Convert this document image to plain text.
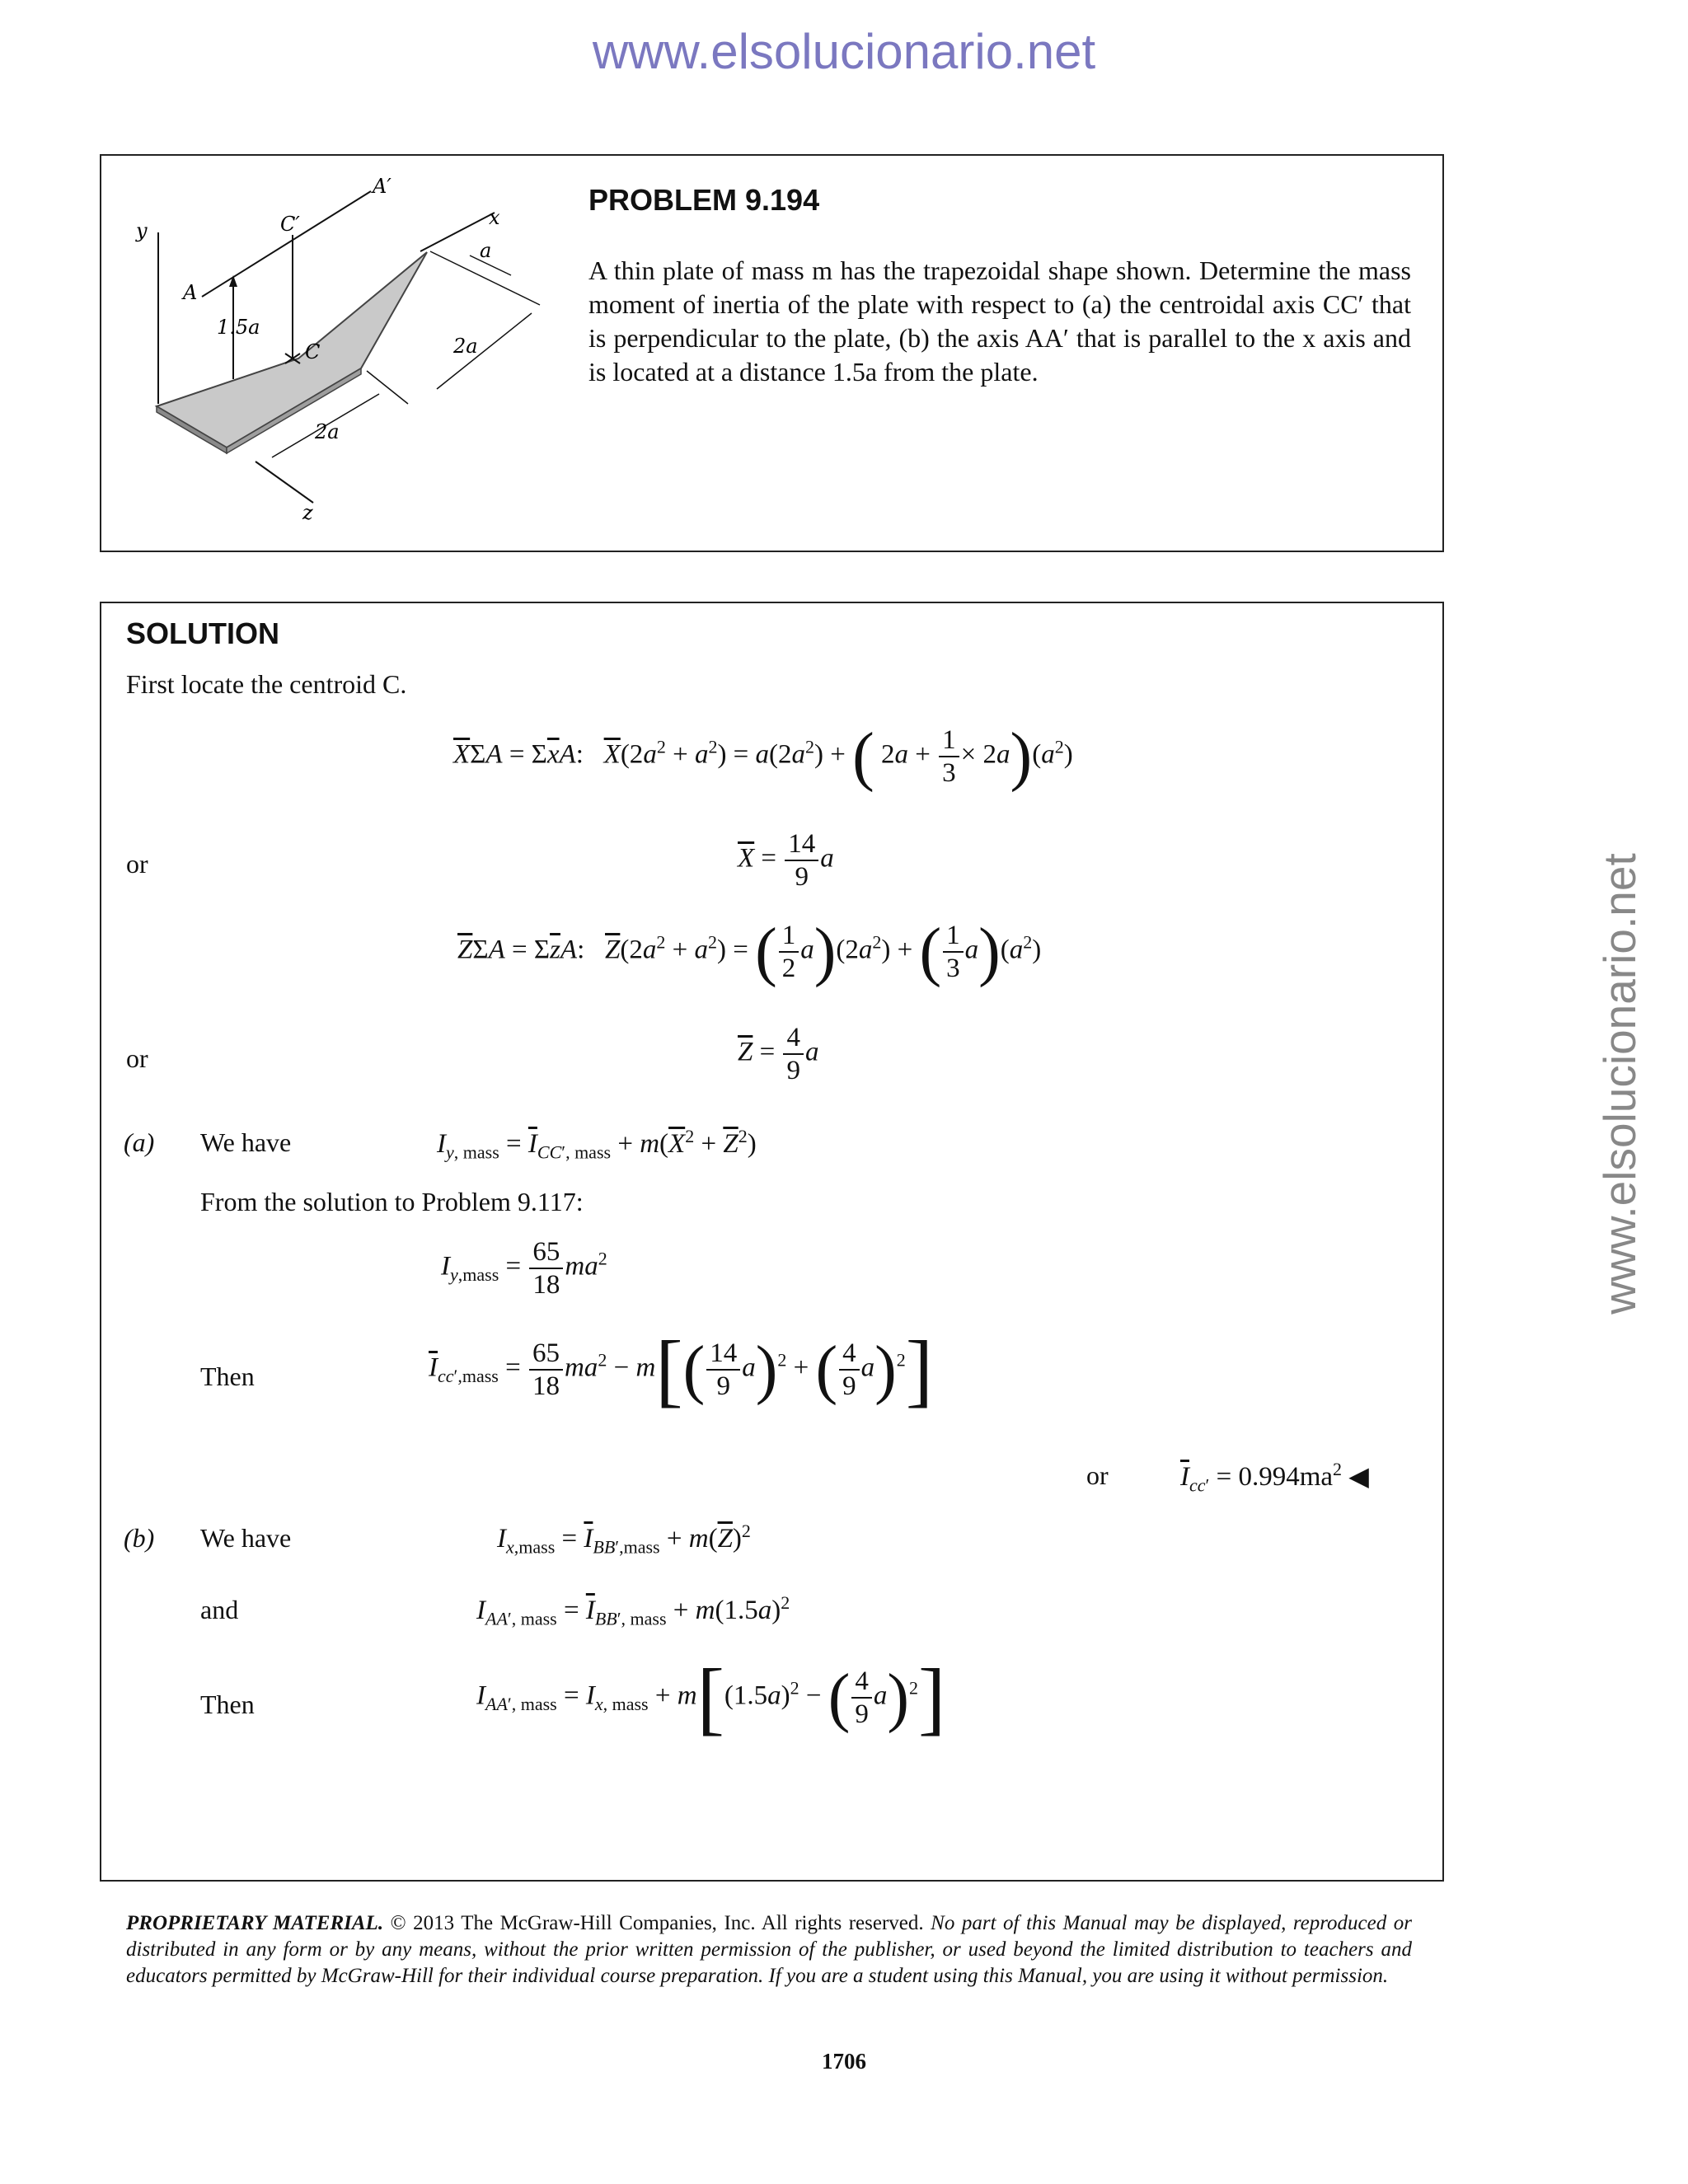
www.elsolucionario.net
www.elsolucionario.net
y
x
z
A
A′
C
C′
1.5a
a
2a
2a
PROBLEM 9.194
A thin plate of mass m has the trapezoidal shape shown. Determine the mass moment of inertia of the plate with respect to (a) the centroidal axis CC′ that is perpendicular to the plate, (b) the axis AA′ that is parallel to the x axis and is located at a distance 1.5a from the plate.
SOLUTION
First locate the centroid C.
$\overline{X}\Sigma A = \Sigma\overline{x}A$:   $\overline{X}(2a^2 + a^2) = a(2a^2)$ + ( $2a + \frac{1}{3} \times 2a)(a^2)$
or	$\overline{X} = \frac{14}{9}$ a
$\overline{Z}\Sigma A = \Sigma\overline{z}A$:   $\overline{Z}(2a^2 + a^2)$ = ( $\frac{1}{2} a)(2a^2)$ + ( $\frac{1}{3} a)(a^2)$
or	$\overline{Z} = \frac{4}{9}$ a
(a) We have	$I_{y, mass} = \overline{I}_{CC', mass} + m(\overline{X}^2 + \overline{Z}^2)$
From the solution to Problem 9.117:
$I_{y,mass} = \frac{65}{18} ma^2$
Then	$\overline{I}_{cc',mass} = \frac{65}{18} ma^2 - m[( \frac{14}{9} a)^2$ + ( $\frac{4}{9} a)^2$]
or	$\overline{I}_{cc'} = 0.994ma^2$ ◀
(b) We have	$I_{x,mass} = \overline{I}_{BB',mass} + m(\overline{Z})^2$
and	$I_{AA', mass} = \overline{I}_{BB', mass} + m(1.5a)^2$
Then	$I_{AA', mass} = I_{x, mass} + m[(1.5a)^2$ − ( $\frac{4}{9} a)^2$]
PROPRIETARY MATERIAL. © 2013 The McGraw-Hill Companies, Inc. All rights reserved. No part of this Manual may be displayed, reproduced or distributed in any form or by any means, without the prior written permission of the publisher, or used beyond the limited distribution to teachers and educators permitted by McGraw-Hill for their individual course preparation. If you are a student using this Manual, you are using it without permission.
1706
